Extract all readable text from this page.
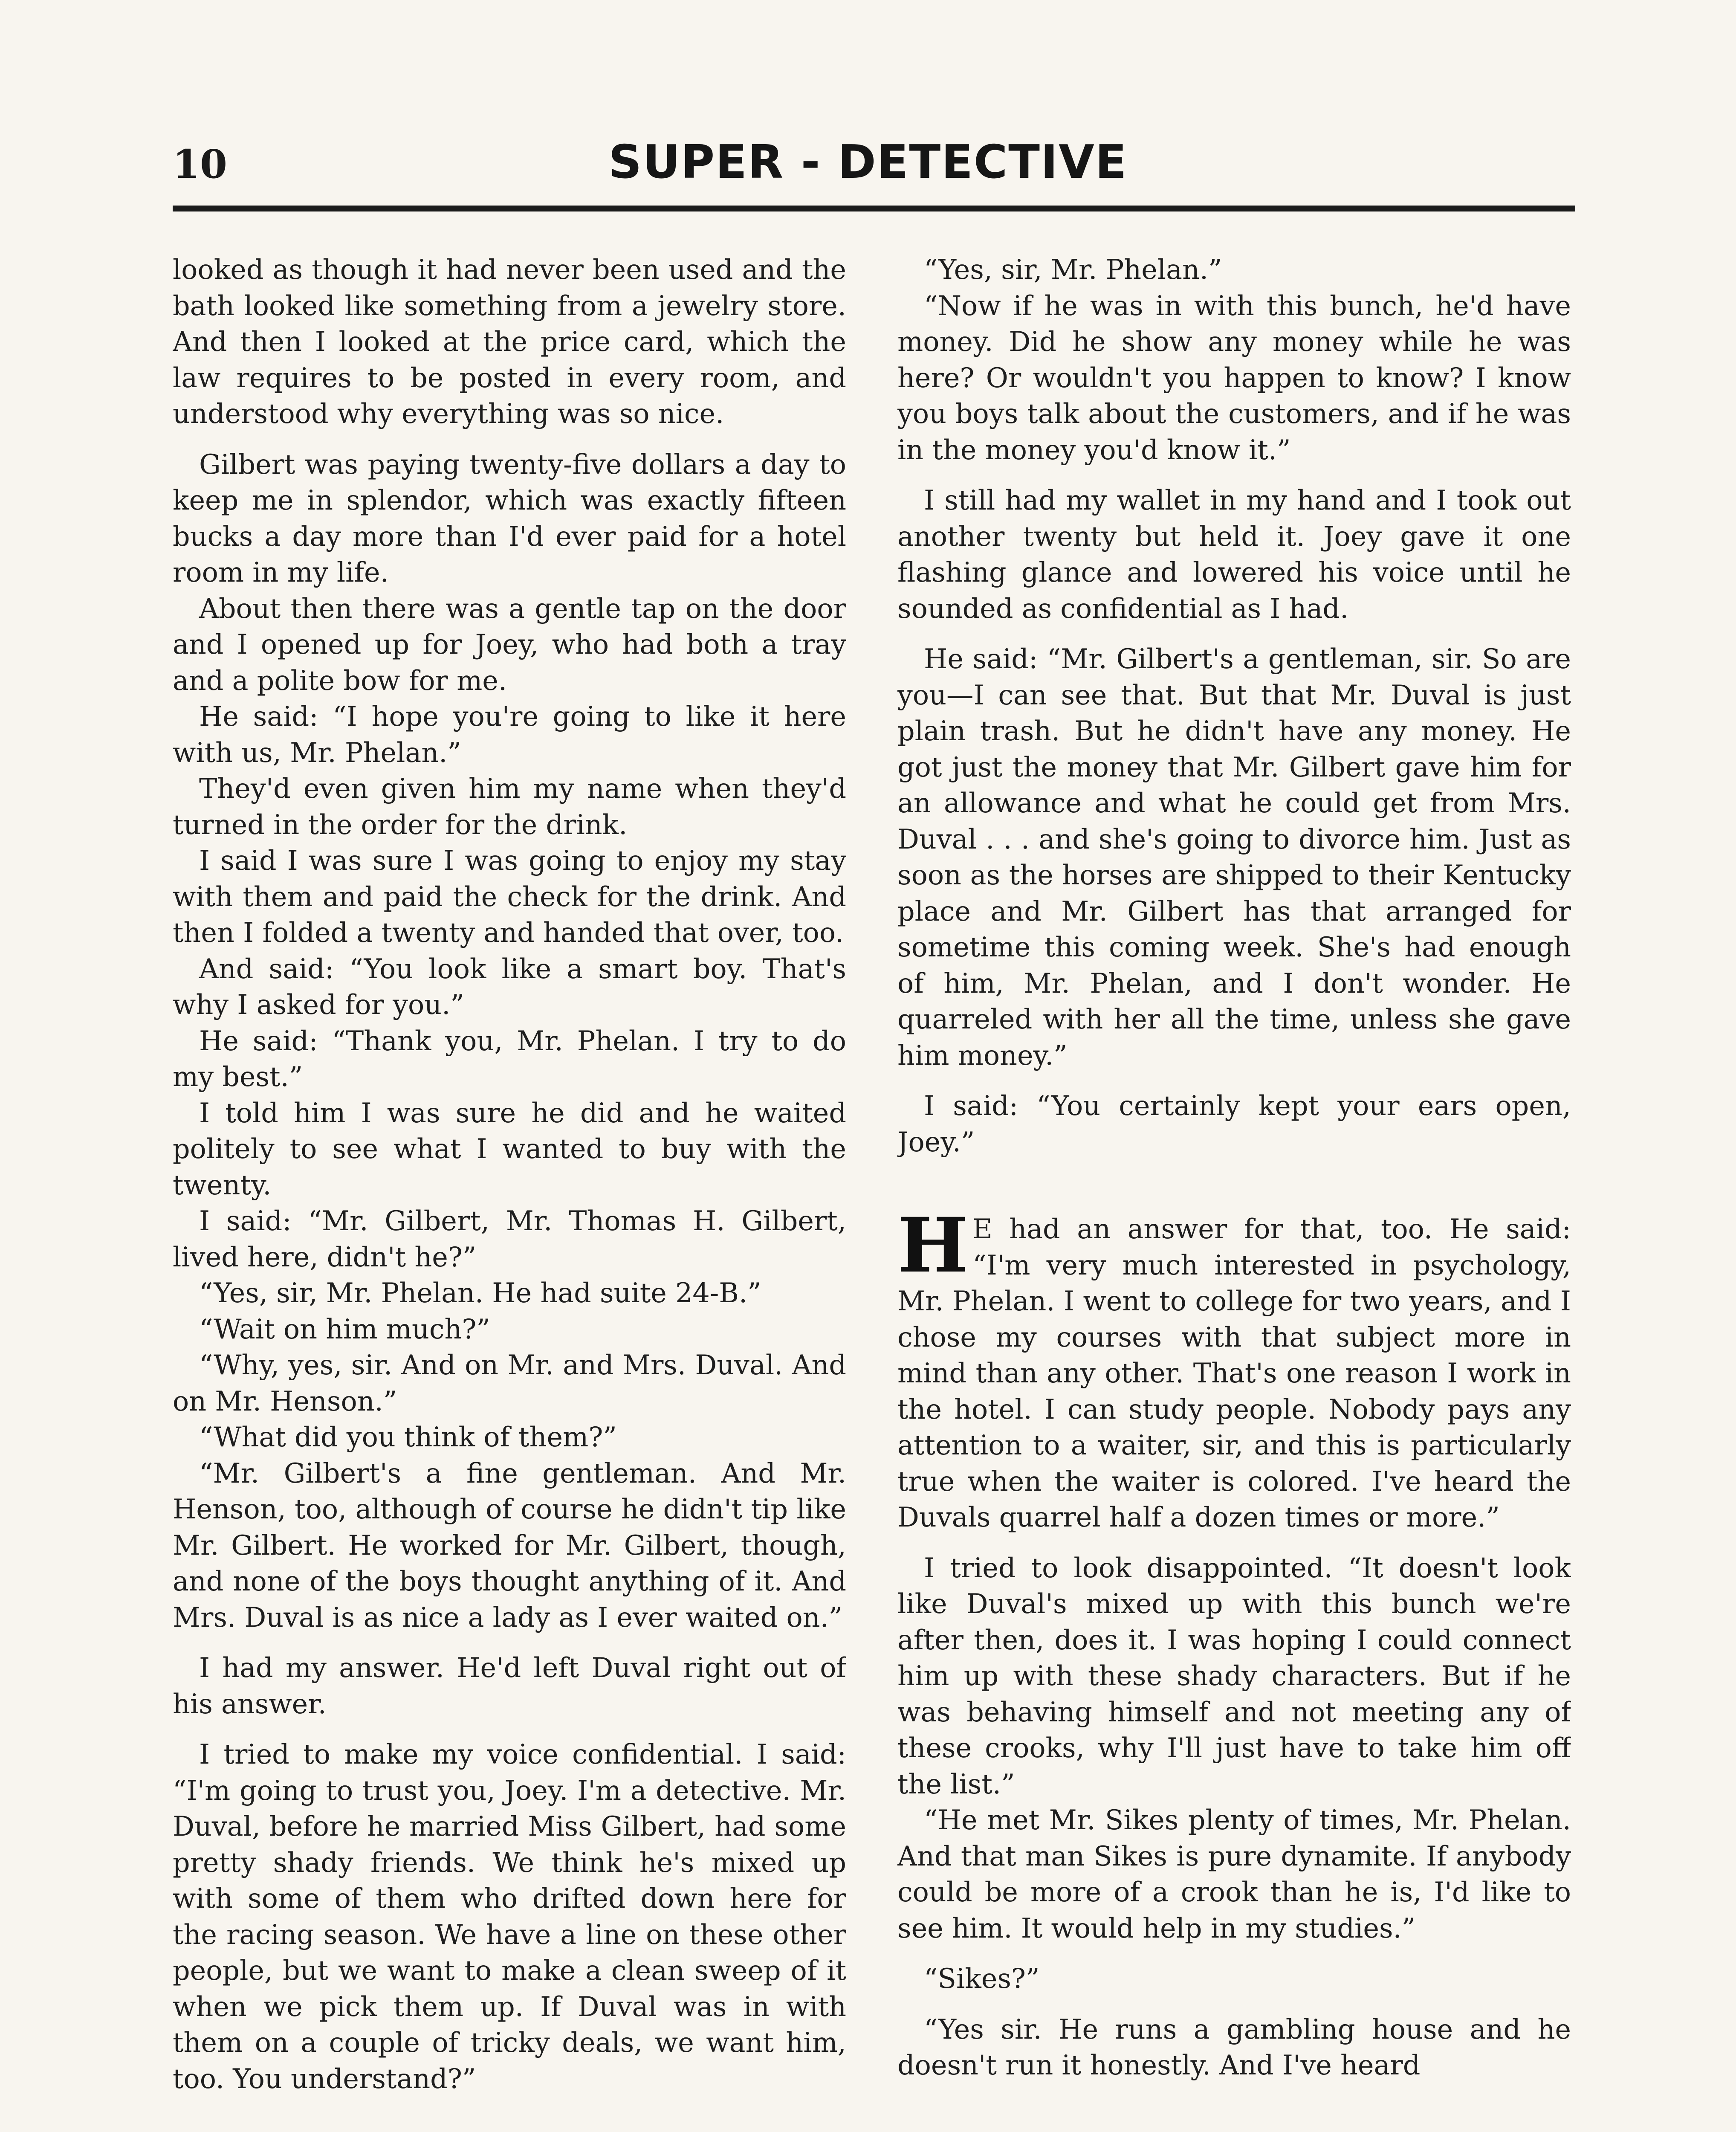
10	SUPER - DETECTIVE

looked as though it had never been used and the bath looked like something from a jewelry store. And then I looked at the price card, which the law requires to be posted in every room, and understood why everything was so nice.

Gilbert was paying twenty-five dollars a day to keep me in splendor, which was exactly fifteen bucks a day more than I'd ever paid for a hotel room in my life.

About then there was a gentle tap on the door and I opened up for Joey, who had both a tray and a polite bow for me.

He said: “I hope you're going to like it here with us, Mr. Phelan.”

They'd even given him my name when they'd turned in the order for the drink.

I said I was sure I was going to enjoy my stay with them and paid the check for the drink. And then I folded a twenty and handed that over, too.

And said: “You look like a smart boy. That's why I asked for you.”

He said: “Thank you, Mr. Phelan. I try to do my best.”

I told him I was sure he did and he waited politely to see what I wanted to buy with the twenty.

I said: “Mr. Gilbert, Mr. Thomas H. Gilbert, lived here, didn't he?”

“Yes, sir, Mr. Phelan. He had suite 24-B.”

“Wait on him much?”

“Why, yes, sir. And on Mr. and Mrs. Duval. And on Mr. Henson.”

“What did you think of them?”

“Mr. Gilbert's a fine gentleman. And Mr. Henson, too, although of course he didn't tip like Mr. Gilbert. He worked for Mr. Gilbert, though, and none of the boys thought anything of it. And Mrs. Duval is as nice a lady as I ever waited on.”

I had my answer. He'd left Duval right out of his answer.

I tried to make my voice confidential. I said: “I'm going to trust you, Joey. I'm a detective. Mr. Duval, before he married Miss Gilbert, had some pretty shady friends. We think he's mixed up with some of them who drifted down here for the racing season. We have a line on these other people, but we want to make a clean sweep of it when we pick them up. If Duval was in with them on a couple of tricky deals, we want him, too. You understand?”

“Yes, sir, Mr. Phelan.”

“Now if he was in with this bunch, he'd have money. Did he show any money while he was here? Or wouldn't you happen to know? I know you boys talk about the customers, and if he was in the money you'd know it.”

I still had my wallet in my hand and I took out another twenty but held it. Joey gave it one flashing glance and lowered his voice until he sounded as confidential as I had.

He said: “Mr. Gilbert's a gentleman, sir. So are you—I can see that. But that Mr. Duval is just plain trash. But he didn't have any money. He got just the money that Mr. Gilbert gave him for an allowance and what he could get from Mrs. Duval . . . and she's going to divorce him. Just as soon as the horses are shipped to their Kentucky place and Mr. Gilbert has that arranged for sometime this coming week. She's had enough of him, Mr. Phelan, and I don't wonder. He quarreled with her all the time, unless she gave him money.”

I said: “You certainly kept your ears open, Joey.”

H E had an answer for that, too. He said: “I'm very much interested in psychology, Mr. Phelan. I went to college for two years, and I chose my courses with that subject more in mind than any other. That's one reason I work in the hotel. I can study people. Nobody pays any attention to a waiter, sir, and this is particularly true when the waiter is colored. I've heard the Duvals quarrel half a dozen times or more.”

I tried to look disappointed. “It doesn't look like Duval's mixed up with this bunch we're after then, does it. I was hoping I could connect him up with these shady characters. But if he was behaving himself and not meeting any of these crooks, why I'll just have to take him off the list.”

“He met Mr. Sikes plenty of times, Mr. Phelan. And that man Sikes is pure dynamite. If anybody could be more of a crook than he is, I'd like to see him. It would help in my studies.”

“Sikes?”

“Yes sir. He runs a gambling house and he doesn't run it honestly. And I've heard
